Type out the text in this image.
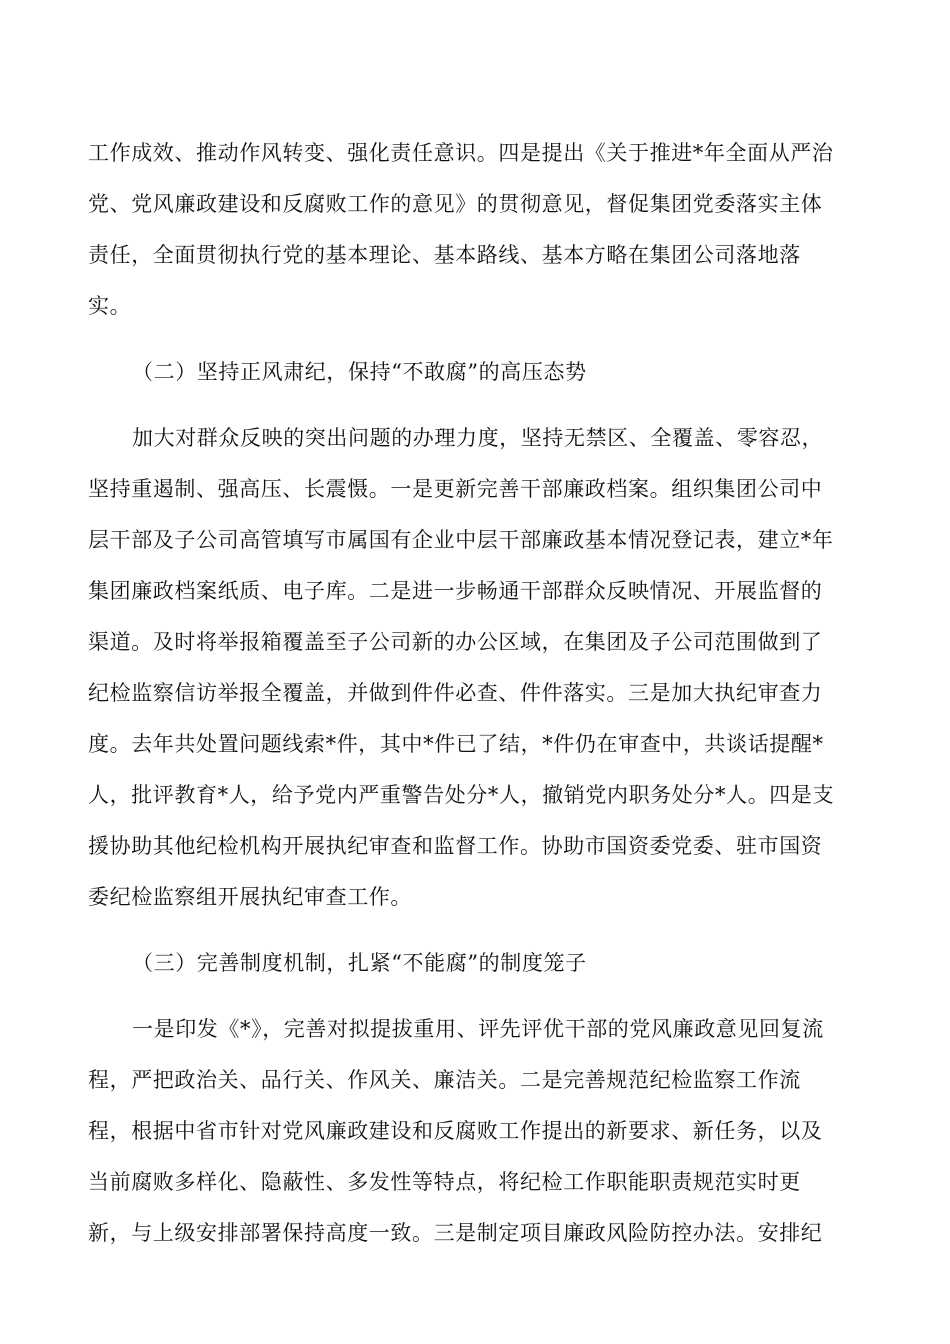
工作成效、推动作风转变、强化责任意识。四是提出《关于推进*年全面从严治
党、党风廉政建设和反腐败工作的意见》的贯彻意见，督促集团党委落实主体
责任，全面贯彻执行党的基本理论、基本路线、基本方略在集团公司落地落
实。
（二）坚持正风肃纪，保持“不敢腐”的高压态势
加大对群众反映的突出问题的办理力度，坚持无禁区、全覆盖、零容忍，
坚持重遏制、强高压、长震慑。一是更新完善干部廉政档案。组织集团公司中
层干部及子公司高管填写市属国有企业中层干部廉政基本情况登记表，建立*年
集团廉政档案纸质、电子库。二是进一步畅通干部群众反映情况、开展监督的
渠道。及时将举报箱覆盖至子公司新的办公区域，在集团及子公司范围做到了
纪检监察信访举报全覆盖，并做到件件必查、件件落实。三是加大执纪审查力
度。去年共处置问题线索*件，其中*件已了结，*件仍在审查中，共谈话提醒*
人，批评教育*人，给予党内严重警告处分*人，撤销党内职务处分*人。四是支
援协助其他纪检机构开展执纪审查和监督工作。协助市国资委党委、驻市国资
委纪检监察组开展执纪审查工作。
（三）完善制度机制，扎紧“不能腐”的制度笼子
一是印发《*》，完善对拟提拔重用、评先评优干部的党风廉政意见回复流
程，严把政治关、品行关、作风关、廉洁关。二是完善规范纪检监察工作流
程，根据中省市针对党风廉政建设和反腐败工作提出的新要求、新任务，以及
当前腐败多样化、隐蔽性、多发性等特点，将纪检工作职能职责规范实时更
新，与上级安排部署保持高度一致。三是制定项目廉政风险防控办法。安排纪
